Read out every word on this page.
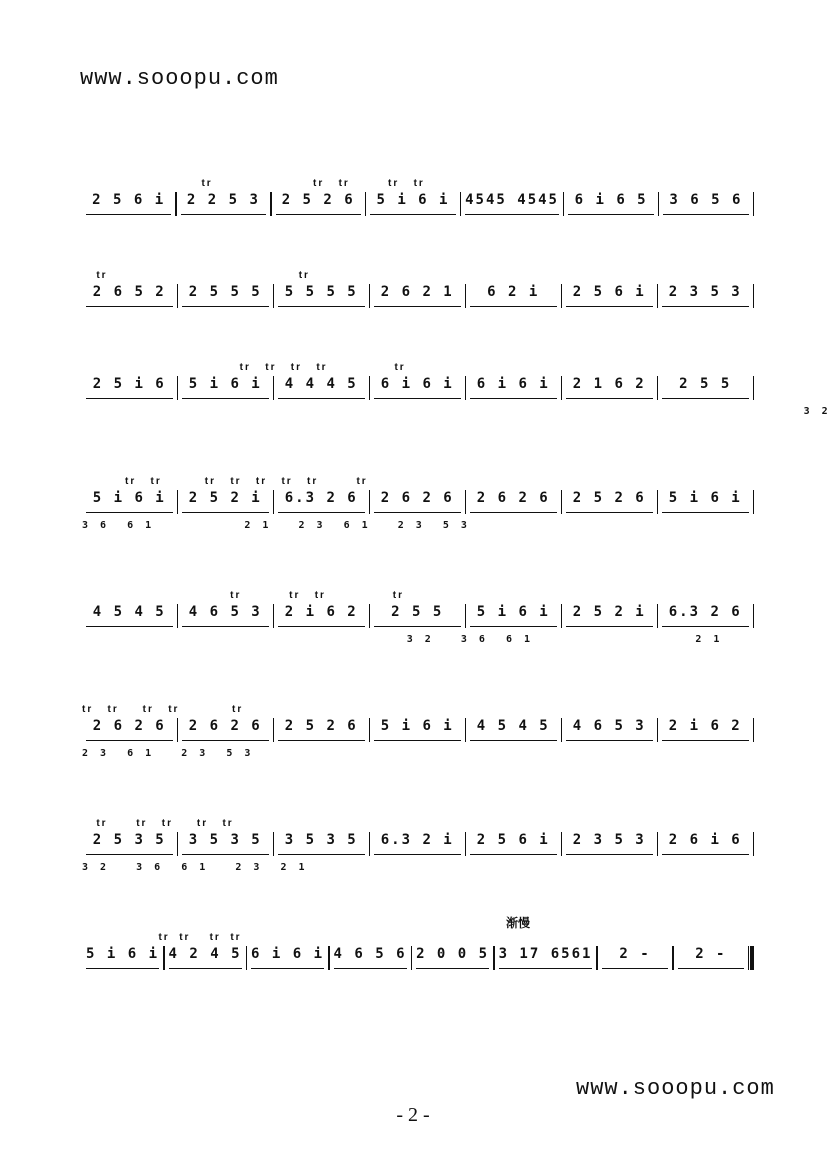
www.sooopu.com
tr                     tr   tr        tr   tr
2 5 6 i	2 2 5 3	2 5 2 6	5 i 6 i	4545 4545	6 i 6 5	3 6 5 6
tr                                        tr
2 6 5 2	2 5 5 5	5 5 5 5	2 6 2 1	6 2 i	2 5 6 i	2 3 5 3
tr   tr   tr   tr              tr
2 5 i 6	5 i 6 i	4 4 4 5	6 i 6 i	6 i 6 i	2 1 6 2	2 5 5
3 2
tr   tr         tr   tr   tr   tr   tr        tr
5 i 6 i	2 5 2 i	6.3 2 6	2 6 2 6	2 6 2 6	2 5 2 6	5 i 6 i
3 6  6 1          2 1   2 3  6 1   2 3  5 3
tr          tr   tr              tr
4 5 4 5	4 6 5 3	2 i 6 2	2 5 5	5 i 6 i	2 5 2 i	6.3 2 6
3 2   3 6  6 1                  2 1
tr   tr     tr   tr           tr
2 6 2 6	2 6 2 6	2 5 2 6	5 i 6 i	4 5 4 5	4 6 5 3	2 i 6 2
2 3  6 1   2 3  5 3
tr      tr   tr     tr   tr
2 5 3 5	3 5 3 5	3 5 3 5	6.3 2 i	2 5 6 i	2 3 5 3	2 6 i 6
3 2   3 6  6 1   2 3  2 1
渐慢
tr  tr    tr  tr
5 i 6 i 4 2 4 5 6 i 6 i 4 6 5 6 2 0 0 5 3 17 6561	2 -	2 -
www.sooopu.com
- 2 -
